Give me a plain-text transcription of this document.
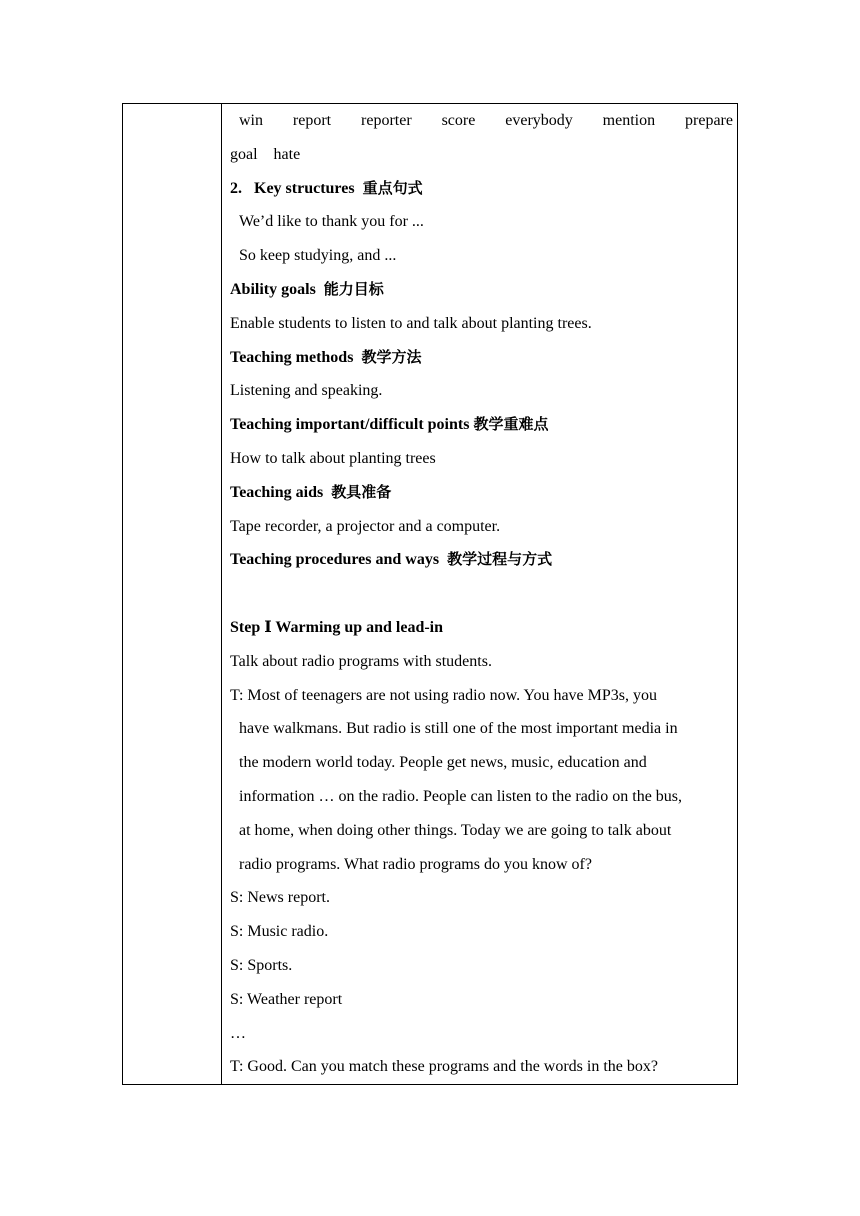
win report reporter score everybody mention prepare
goal    hate
2.   Key structures 重点句式
We’d like to thank you for ...
So keep studying, and ...
Ability goals 能力目标
Enable students to listen to and talk about planting trees.
Teaching methods 教学方法
Listening and speaking.
Teaching important/difficult points 教学重难点
How to talk about planting trees
Teaching aids 教具准备
Tape recorder, a projector and a computer.
Teaching procedures and ways 教学过程与方式
Step Ⅰ Warming up and lead-in
Talk about radio programs with students.
T: Most of teenagers are not using radio now. You have MP3s, you
have walkmans. But radio is still one of the most important media in
the modern world today. People get news, music, education and
information … on the radio. People can listen to the radio on the bus,
at home, when doing other things. Today we are going to talk about
radio programs. What radio programs do you know of?
S: News report.
S: Music radio.
S: Sports.
S: Weather report
…
T: Good. Can you match these programs and the words in the box?
